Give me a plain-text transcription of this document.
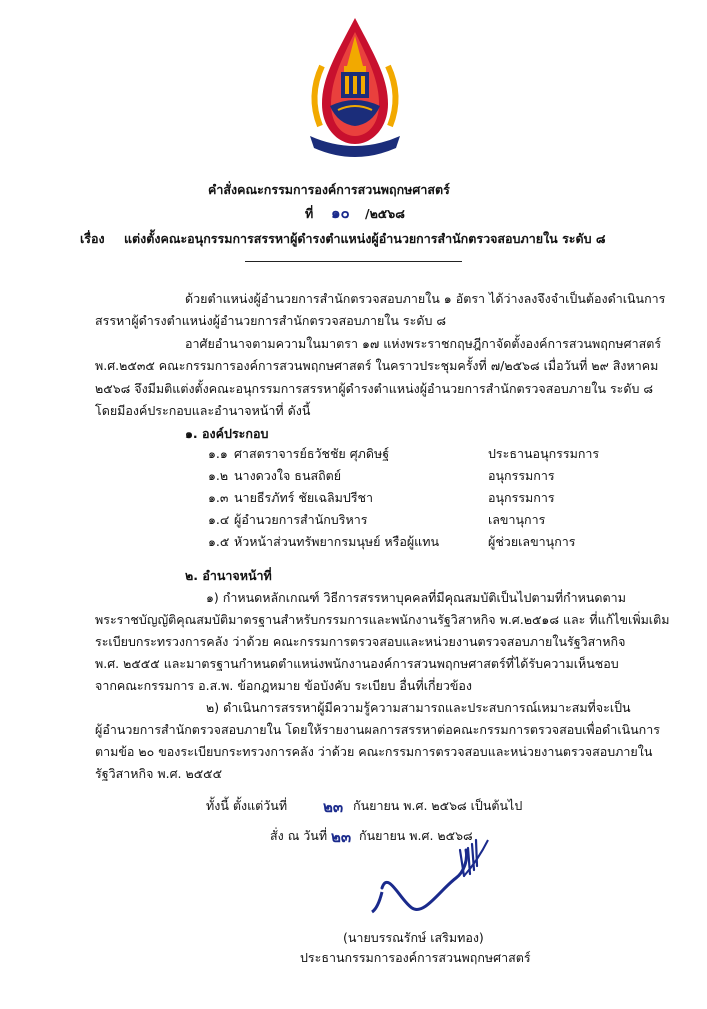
คำสั่งคณะกรรมการองค์การสวนพฤกษศาสตร์
ที่ ๑๐ /๒๕๖๘
เรื่อง แต่งตั้งคณะอนุกรรมการสรรหาผู้ดำรงตำแหน่งผู้อำนวยการสำนักตรวจสอบภายใน ระดับ ๘
ด้วยตำแหน่งผู้อำนวยการสำนักตรวจสอบภายใน ๑ อัตรา ได้ว่างลงจึงจำเป็นต้องดำเนินการ
สรรหาผู้ดำรงตำแหน่งผู้อำนวยการสำนักตรวจสอบภายใน ระดับ ๘
อาศัยอำนาจตามความในมาตรา ๑๗ แห่งพระราชกฤษฎีกาจัดตั้งองค์การสวนพฤกษศาสตร์
พ.ศ.๒๕๓๕ คณะกรรมการองค์การสวนพฤกษศาสตร์ ในคราวประชุมครั้งที่ ๗/๒๕๖๘ เมื่อวันที่ ๒๙ สิงหาคม
๒๕๖๘ จึงมีมติแต่งตั้งคณะอนุกรรมการสรรหาผู้ดำรงตำแหน่งผู้อำนวยการสำนักตรวจสอบภายใน ระดับ ๘
โดยมีองค์ประกอบและอำนาจหน้าที่ ดังนี้
๑. องค์ประกอบ
๑.๑ ศาสตราจารย์ธวัชชัย ศุภดิษฐ์	ประธานอนุกรรมการ
๑.๒ นางดวงใจ ธนสถิตย์	อนุกรรมการ
๑.๓ นายธีรภัทร์ ชัยเฉลิมปรีชา	อนุกรรมการ
๑.๔ ผู้อำนวยการสำนักบริหาร	เลขานุการ
๑.๕ หัวหน้าส่วนทรัพยากรมนุษย์ หรือผู้แทน	ผู้ช่วยเลขานุการ
๒. อำนาจหน้าที่
๑) กำหนดหลักเกณฑ์ วิธีการสรรหาบุคคลที่มีคุณสมบัติเป็นไปตามที่กำหนดตาม
พระราชบัญญัติคุณสมบัติมาตรฐานสำหรับกรรมการและพนักงานรัฐวิสาหกิจ พ.ศ.๒๕๑๘ และ ที่แก้ไขเพิ่มเติม
ระเบียบกระทรวงการคลัง ว่าด้วย คณะกรรมการตรวจสอบและหน่วยงานตรวจสอบภายในรัฐวิสาหกิจ
พ.ศ. ๒๕๕๕ และมาตรฐานกำหนดตำแหน่งพนักงานองค์การสวนพฤกษศาสตร์ที่ได้รับความเห็นชอบ
จากคณะกรรมการ อ.ส.พ. ข้อกฎหมาย ข้อบังคับ ระเบียบ อื่นที่เกี่ยวข้อง
๒) ดำเนินการสรรหาผู้มีความรู้ความสามารถและประสบการณ์เหมาะสมที่จะเป็น
ผู้อำนวยการสำนักตรวจสอบภายใน โดยให้รายงานผลการสรรหาต่อคณะกรรมการตรวจสอบเพื่อดำเนินการ
ตามข้อ ๒๐ ของระเบียบกระทรวงการคลัง ว่าด้วย คณะกรรมการตรวจสอบและหน่วยงานตรวจสอบภายใน
รัฐวิสาหกิจ พ.ศ. ๒๕๕๕
ทั้งนี้ ตั้งแต่วันที่ ๒๓ กันยายน พ.ศ. ๒๕๖๘ เป็นต้นไป
สั่ง ณ วันที่ ๒๓ กันยายน พ.ศ. ๒๕๖๘
(นายบรรณรักษ์ เสริมทอง)
ประธานกรรมการองค์การสวนพฤกษศาสตร์
